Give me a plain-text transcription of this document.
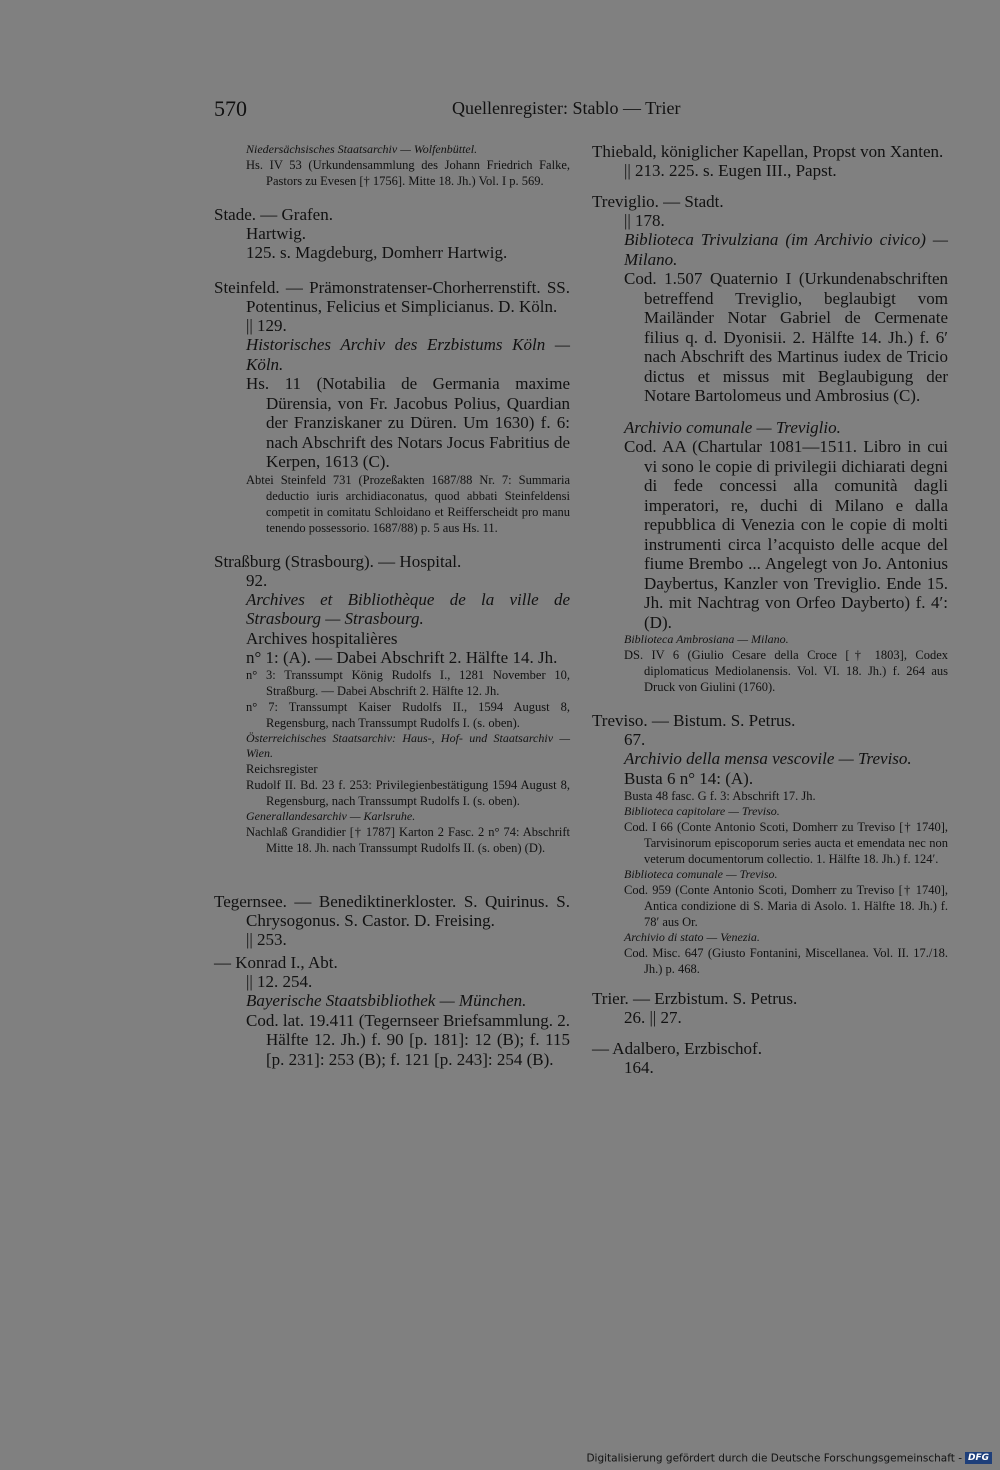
570	Quellenregister: Stablo — Trier

Niedersächsisches Staatsarchiv — Wolfenbüttel.

Hs. IV 53 (Urkundensammlung des Johann Friedrich Falke, Pastors zu Evesen [† 1756]. Mitte 18. Jh.) Vol. I p. 569.

Stade. — Grafen.

Hartwig.

125. s. Magdeburg, Domherr Hartwig.

Steinfeld. — Prämonstratenser-Chorherrenstift. SS. Potentinus, Felicius et Simplicianus. D. Köln.

|| 129.

Historisches Archiv des Erzbistums Köln — Köln.

Hs. 11 (Notabilia de Germania maxime Dürensia, von Fr. Jacobus Polius, Quardian der Franziskaner zu Düren. Um 1630) f. 6: nach Abschrift des Notars Jocus Fabritius de Kerpen, 1613 (C).

Abtei Steinfeld 731 (Prozeßakten 1687/88 Nr. 7: Summaria deductio iuris archidiaconatus, quod abbati Steinfeldensi competit in comitatu Schloidano et Reifferscheidt pro manu tenendo possessorio. 1687/88) p. 5 aus Hs. 11.

Straßburg (Strasbourg). — Hospital.

92.

Archives et Bibliothèque de la ville de Strasbourg — Strasbourg.

Archives hospitalières

n° 1: (A). — Dabei Abschrift 2. Hälfte 14. Jh.

n° 3: Transsumpt König Rudolfs I., 1281 November 10, Straßburg. — Dabei Abschrift 2. Hälfte 12. Jh.

n° 7: Transsumpt Kaiser Rudolfs II., 1594 August 8, Regensburg, nach Transsumpt Rudolfs I. (s. oben).

Österreichisches Staatsarchiv: Haus-, Hof- und Staatsarchiv — Wien.

Reichsregister

Rudolf II. Bd. 23 f. 253: Privilegienbestätigung 1594 August 8, Regensburg, nach Transsumpt Rudolfs I. (s. oben).

Generallandesarchiv — Karlsruhe.

Nachlaß Grandidier [† 1787] Karton 2 Fasc. 2 n° 74: Abschrift Mitte 18. Jh. nach Transsumpt Rudolfs II. (s. oben) (D).

Tegernsee. — Benediktinerkloster. S. Quirinus. S. Chrysogonus. S. Castor. D. Freising.

|| 253.

— Konrad I., Abt.

|| 12. 254.

Bayerische Staatsbibliothek — München.

Cod. lat. 19.411 (Tegernseer Briefsammlung. 2. Hälfte 12. Jh.) f. 90 [p. 181]: 12 (B); f. 115 [p. 231]: 253 (B); f. 121 [p. 243]: 254 (B).

Thiebald, königlicher Kapellan, Propst von Xanten.

|| 213. 225. s. Eugen III., Papst.

Treviglio. — Stadt.

|| 178.

Biblioteca Trivulziana (im Archivio civico) — Milano.

Cod. 1.507 Quaternio I (Urkundenabschriften betreffend Treviglio, beglaubigt vom Mailänder Notar Gabriel de Cermenate filius q. d. Dyonisii. 2. Hälfte 14. Jh.) f. 6′ nach Abschrift des Martinus iudex de Tricio dictus et missus mit Beglaubigung der Notare Bartolomeus und Ambrosius (C).

Archivio comunale — Treviglio.

Cod. AA (Chartular 1081—1511. Libro in cui vi sono le copie di privilegii dichiarati degni di fede concessi alla comunità dagli imperatori, re, duchi di Milano e dalla repubblica di Venezia con le copie di molti instrumenti circa l’acquisto delle acque del fiume Brembo ... Angelegt von Jo. Antonius Daybertus, Kanzler von Treviglio. Ende 15. Jh. mit Nachtrag von Orfeo Dayberto) f. 4′: (D).

Biblioteca Ambrosiana — Milano.

DS. IV 6 (Giulio Cesare della Croce [† 1803], Codex diplomaticus Mediolanensis. Vol. VI. 18. Jh.) f. 264 aus Druck von Giulini (1760).

Treviso. — Bistum. S. Petrus.

67.

Archivio della mensa vescovile — Treviso.

Busta 6 n° 14: (A).

Busta 48 fasc. G f. 3: Abschrift 17. Jh.

Biblioteca capitolare — Treviso.

Cod. I 66 (Conte Antonio Scoti, Domherr zu Treviso [† 1740], Tarvisinorum episcoporum series aucta et emendata nec non veterum documentorum collectio. 1. Hälfte 18. Jh.) f. 124′.

Biblioteca comunale — Treviso.

Cod. 959 (Conte Antonio Scoti, Domherr zu Treviso [† 1740], Antica condizione di S. Maria di Asolo. 1. Hälfte 18. Jh.) f. 78′ aus Or.

Archivio di stato — Venezia.

Cod. Misc. 647 (Giusto Fontanini, Miscellanea. Vol. II. 17./18. Jh.) p. 468.

Trier. — Erzbistum. S. Petrus.

26. || 27.

— Adalbero, Erzbischof.

164.

Digitalisierung gefördert durch die Deutsche Forschungsgemeinschaft - DFG
